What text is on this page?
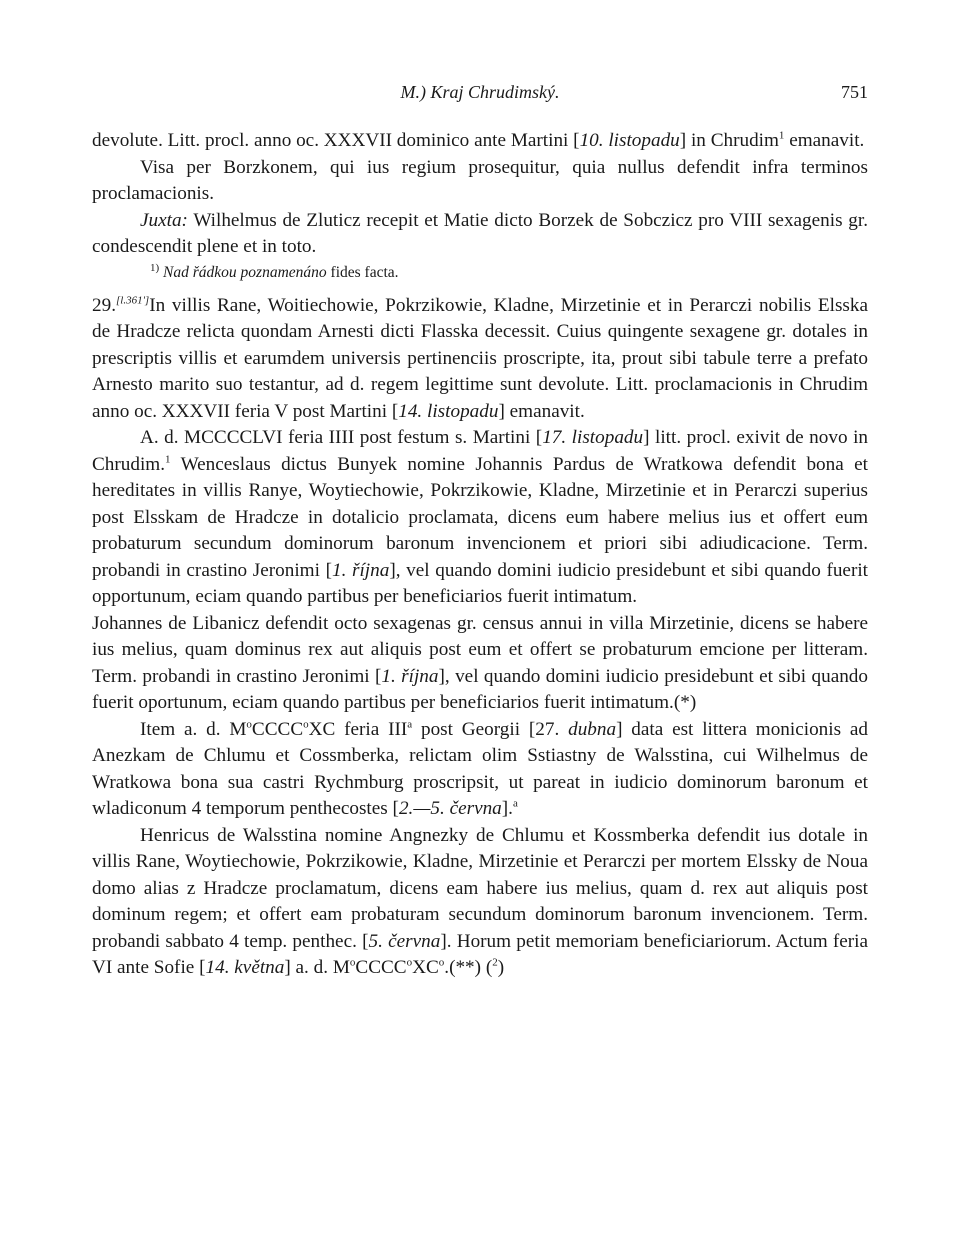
M.) Kraj Chrudimský.	751

devolute. Litt. procl. anno oc. XXXVII dominico ante Martini [10. listopadu] in Chrudim$^1$ emanavit.

Visa per Borzkonem, qui ius regium prosequitur, quia nullus defendit infra terminos proclamacionis.

Juxta: Wilhelmus de Zluticz recepit et Matie dicto Borzek de Sobczicz pro VIII sexagenis gr. condescendit plene et in toto.

$^{1)}$ Nad řádkou poznamenáno fides facta.

29.[l.361']In villis Rane, Woitiechowie, Pokrzikowie, Kladne, Mirzetinie et in Perarczi nobilis Elsska de Hradcze relicta quondam Arnesti dicti Flasska decessit. Cuius quingente sexagene gr. dotales in prescriptis villis et earumdem universis pertinenciis proscripte, ita, prout sibi tabule terre a prefato Arnesto marito suo testantur, ad d. regem legittime sunt devolute. Litt. proclamacionis in Chrudim anno oc. XXXVII feria V post Martini [14. listopadu] emanavit.

A. d. MCCCCLVI feria IIII post festum s. Martini [17. listopadu] litt. procl. exivit de novo in Chrudim.$^1$ Wenceslaus dictus Bunyek nomine Johannis Pardus de Wratkowa defendit bona et hereditates in villis Ranye, Woytiechowie, Pokrzikowie, Kladne, Mirzetinie et in Perarczi superius post Elsskam de Hradcze in dotalicio proclamata, dicens eum habere melius ius et offert eum probaturum secundum dominorum baronum invencionem et priori sibi adiudicacione. Term. probandi in crastino Jeronimi [1. října], vel quando domini iudicio presidebunt et sibi quando fuerit opportunum, eciam quando partibus per beneficiarios fuerit intimatum.

Johannes de Libanicz defendit octo sexagenas gr. census annui in villa Mirzetinie, dicens se habere ius melius, quam dominus rex aut aliquis post eum et offert se probaturum emcione per litteram. Term. probandi in crastino Jeronimi [1. října], vel quando domini iudicio presidebunt et sibi quando fuerit oportunum, eciam quando partibus per beneficiarios fuerit intimatum.(*)

Item a. d. $M^oCCCC^oXC$ feria III$^a$ post Georgii [27. dubna] data est littera monicionis ad Anezkam de Chlumu et Cossmberka, relictam olim Sstiastny de Walsstina, cui Wilhelmus de Wratkowa bona sua castri Rychmburg proscripsit, ut pareat in iudicio dominorum baronum et wladiconum 4 temporum penthecostes [2.—5. června].$^a$

Henricus de Walsstina nomine Angnezky de Chlumu et Kossmberka defendit ius dotale in villis Rane, Woytiechowie, Pokrzikowie, Kladne, Mirzetinie et Perarczi per mortem Elssky de Noua domo alias z Hradcze proclamatum, dicens eam habere ius melius, quam d. rex aut aliquis post dominum regem; et offert eam probaturam secundum dominorum baronum invencionem. Term. probandi sabbato 4 temp. penthec. [5. června]. Horum petit memoriam beneficiariorum. Actum feria VI ante Sofie [14. května] a. d. $M^oCCCC^oXC^o.(**)$ ($^2$)
